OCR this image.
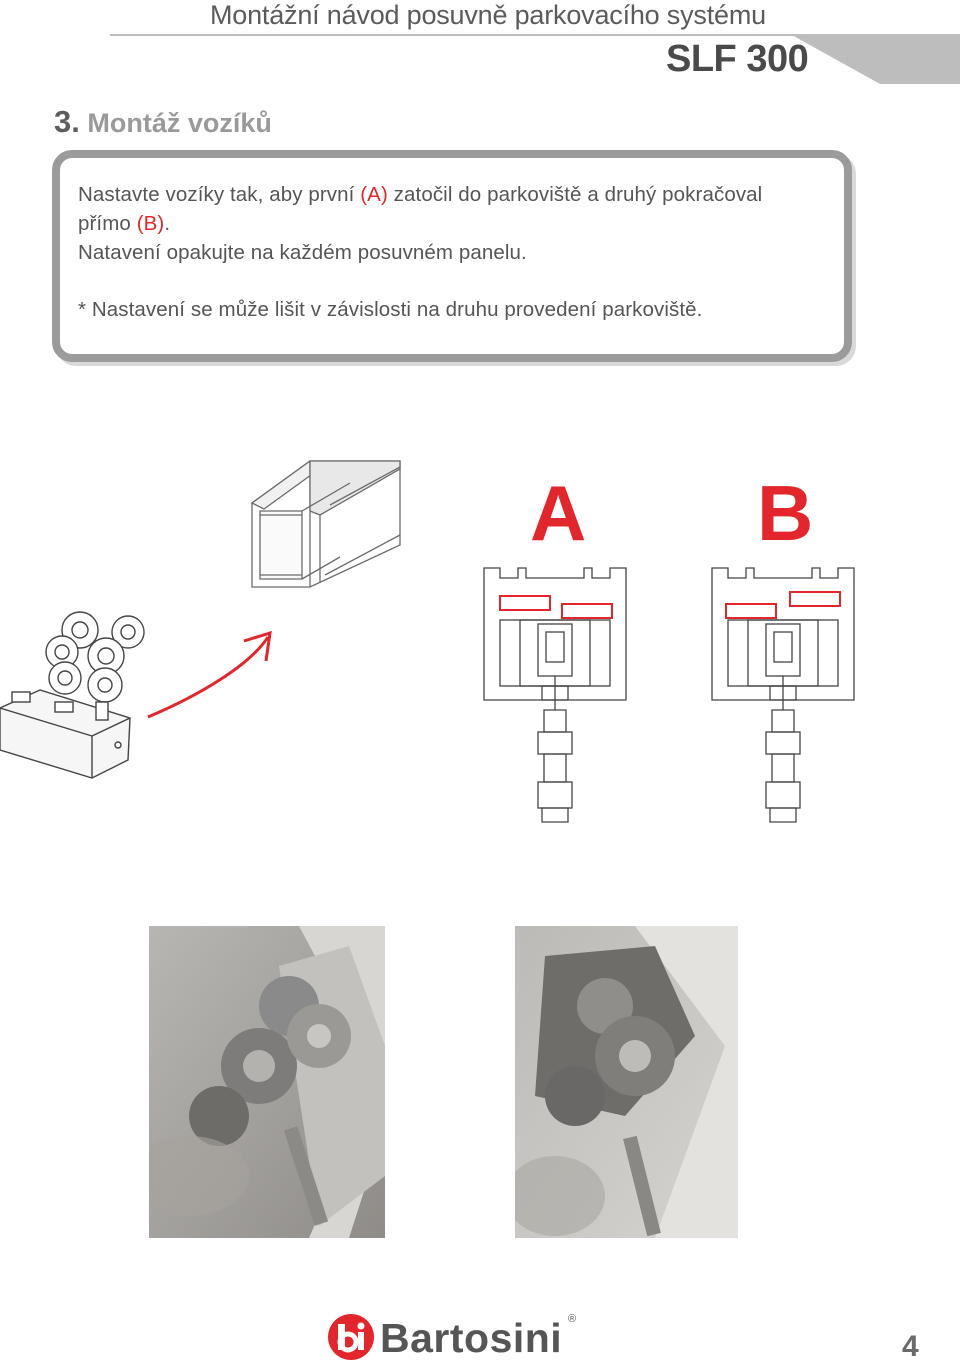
Montážní návod posuvně parkovacího systému
SLF 300
3. Montáž vozíků
Nastavte vozíky tak, aby první (A) zatočil do parkoviště a druhý pokračoval
přímo (B).
Natavení opakujte na každém posuvném panelu.
* Nastavení se může lišit v závislosti na druhu provedení parkoviště.
A B
Bartosini ®
4
